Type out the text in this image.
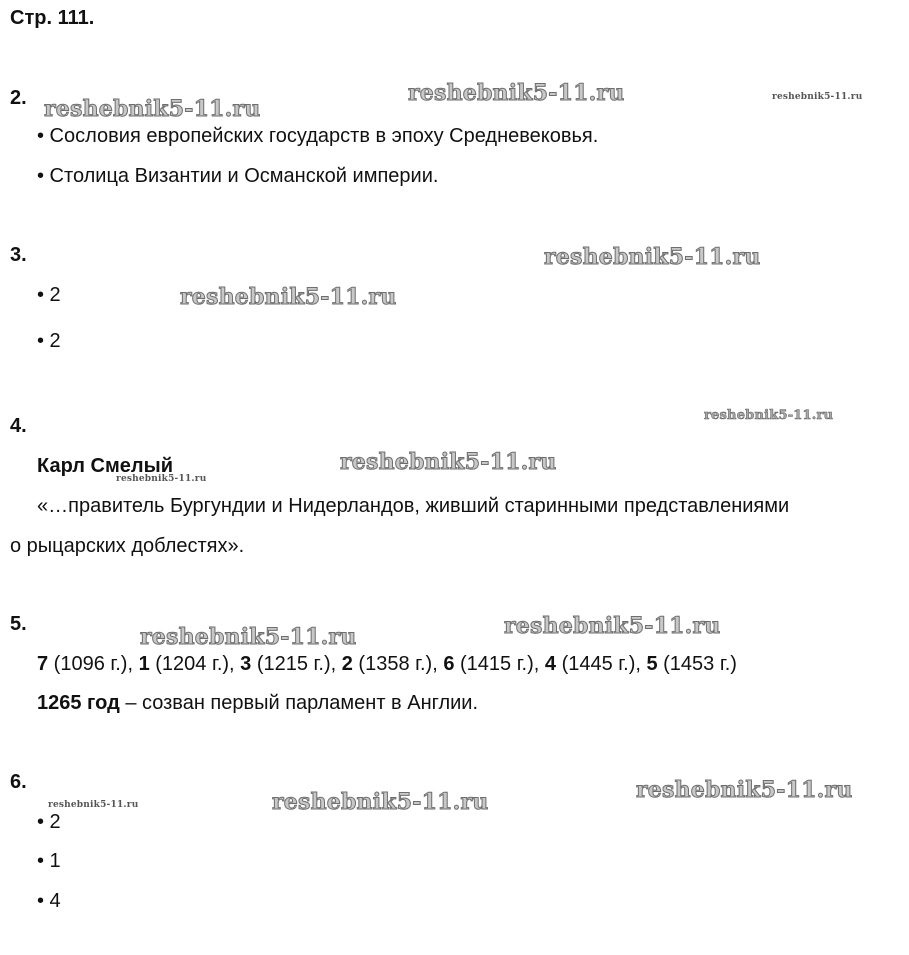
Стр. 111.
2.
• Сословия европейских государств в эпоху Средневековья.
• Столица Византии и Османской империи.
3.
• 2
• 2
4.
Карл Смелый
«…правитель Бургундии и Нидерландов, живший старинными представлениями
о рыцарских доблестях».
5.
7 (1096 г.), 1 (1204 г.), 3 (1215 г.), 2 (1358 г.), 6 (1415 г.), 4 (1445 г.), 5 (1453 г.)
1265 год – созван первый парламент в Англии.
6.
• 2
• 1
• 4
reshebnik5-11.ru
reshebnik5-11.ru	reshebnik5-11.ru
reshebnik5-11.ru
reshebnik5-11.ru
reshebnik5-11.ru
reshebnik5-11.ru
reshebnik5-11.ru
reshebnik5-11.ru
reshebnik5-11.ru
reshebnik5-11.ru
reshebnik5-11.ru
reshebnik5-11.ru
